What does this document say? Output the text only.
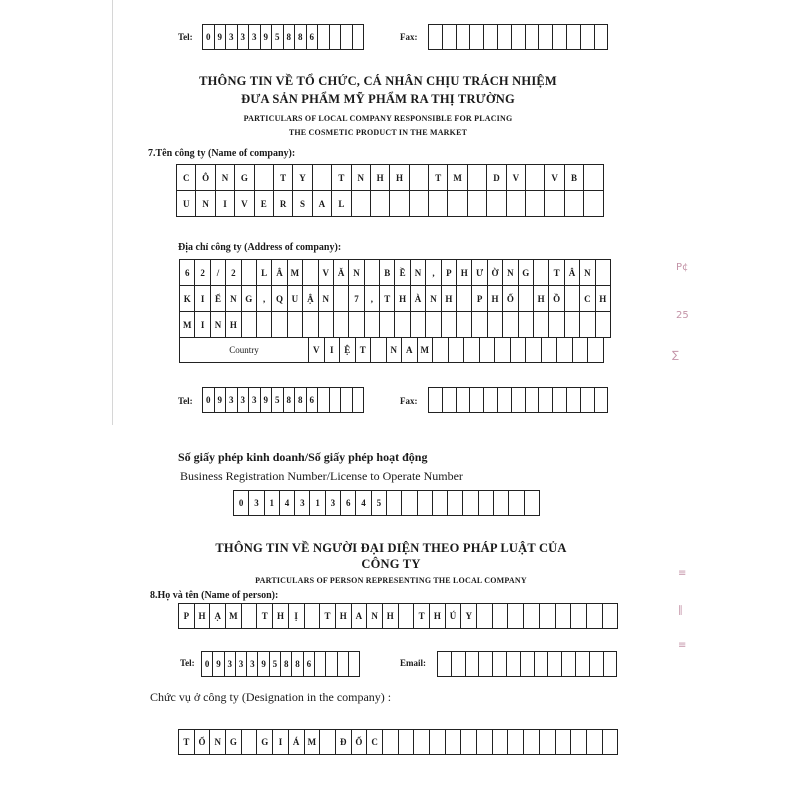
P¢
25
∑
≡
∥
≡
Tel:	0 9 3 3 3 9 5 8 8 6	Fax:
THÔNG TIN VỀ TỔ CHỨC, CÁ NHÂN CHỊU TRÁCH NHIỆM
ĐƯA SẢN PHẨM MỸ PHẨM RA THỊ TRƯỜNG
PARTICULARS OF LOCAL COMPANY RESPONSIBLE FOR PLACING
THE COSMETIC PRODUCT IN THE MARKET
7.Tên công ty (Name of company):
C	Ô	N	G	T	Y	T	N	H	H	T	M	D	V	V	B
U	N	I	V	E	R	S	A	L
Địa chỉ công ty (Address of company):
6	2	/	2	L	Â M	V Ă N	B	Ề	N	,	P	H Ư Ờ N G	T	Â N
K	I	Ể	N G	,	Q U Ậ N	7	,	T H À N H	P	H Ố	H Ồ	C H
M	I	N H
Country	V	I	Ệ	T	N	A M
Tel:	0 9 3 3 3 9 5 8 8 6	Fax:
Số giấy phép kinh doanh/Số giấy phép hoạt động
Business Registration Number/License to Operate Number
0	3	1	4	3	1	3	6	4	5
THÔNG TIN VỀ NGƯỜI ĐẠI DIỆN THEO PHÁP LUẬT CỦA
CÔNG TY
PARTICULARS OF PERSON REPRESENTING THE LOCAL COMPANY
8.Họ và tên (Name of person):
P	H Ạ M	T	H	Ị	T	H A	N H	T	H Ú	Y
Tel:	0 9 3 3 3 9 5 8 8 6	Email:
Chức vụ ở công ty (Designation in the company) :
T	Ổ N G	G	I	Á M	Đ Ố C
